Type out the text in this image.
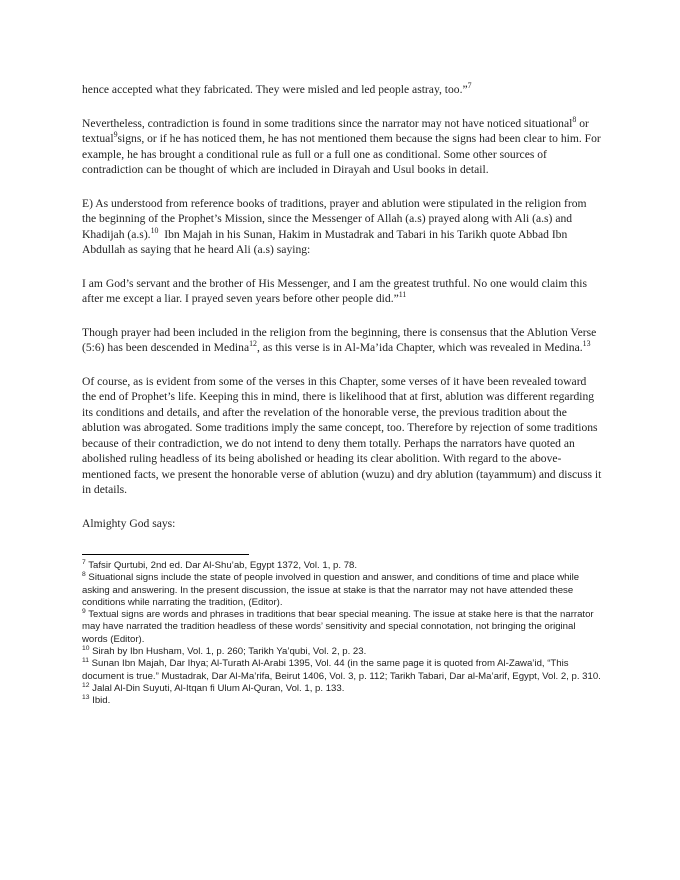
hence accepted what they fabricated. They were misled and led people astray, too.”$^7$

Nevertheless, contradiction is found in some traditions since the narrator may not have noticed situational$^8$ or textual$^9$signs, or if he has noticed them, he has not mentioned them because the signs had been clear to him. For example, he has brought a conditional rule as full or a full one as conditional. Some other sources of contradiction can be thought of which are included in Dirayah and Usul books in detail.

E) As understood from reference books of traditions, prayer and ablution were stipulated in the religion from the beginning of the Prophet’s Mission, since the Messenger of Allah (a.s) prayed along with Ali (a.s) and Khadijah (a.s).$^{10}$  Ibn Majah in his Sunan, Hakim in Mustadrak and Tabari in his Tarikh quote Abbad Ibn Abdullah as saying that he heard Ali (a.s) saying:

I am God’s servant and the brother of His Messenger, and I am the greatest truthful. No one would claim this after me except a liar. I prayed seven years before other people did.”$^{11}$

Though prayer had been included in the religion from the beginning, there is consensus that the Ablution Verse (5:6) has been descended in Medina$^{12}$, as this verse is in Al-Ma’ida Chapter, which was revealed in Medina.$^{13}$

Of course, as is evident from some of the verses in this Chapter, some verses of it have been revealed toward the end of Prophet’s life. Keeping this in mind, there is likelihood that at first, ablution was different regarding its conditions and details, and after the revelation of the honorable verse, the previous tradition about the ablution was abrogated. Some traditions imply the same concept, too. Therefore by rejection of some traditions because of their contradiction, we do not intend to deny them totally. Perhaps the narrators have quoted an abolished ruling headless of its being abolished or heading its clear abolition. With regard to the above-mentioned facts, we present the honorable verse of ablution (wuzu) and dry ablution (tayammum) and discuss it in details.

Almighty God says:

$^7$ Tafsir Qurtubi, 2nd ed. Dar Al-Shu’ab, Egypt 1372, Vol. 1, p. 78.

$^8$ Situational signs include the state of people involved in question and answer, and conditions of time and place while asking and answering. In the present discussion, the issue at stake is that the narrator may not have attended these conditions while narrating the tradition, (Editor).

$^9$ Textual signs are words and phrases in traditions that bear special meaning. The issue at stake here is that the narrator may have narrated the tradition headless of these words’ sensitivity and special connotation, not bringing the original words (Editor).

$^{10}$ Sirah by Ibn Husham, Vol. 1, p. 260; Tarikh Ya’qubi, Vol. 2, p. 23.

$^{11}$ Sunan Ibn Majah, Dar Ihya; Al-Turath Al-Arabi 1395, Vol. 44 (in the same page it is quoted from Al-Zawa’id, “This document is true.” Mustadrak, Dar Al-Ma’rifa, Beirut 1406, Vol. 3, p. 112; Tarikh Tabari, Dar al-Ma’arif, Egypt, Vol. 2, p. 310.

$^{12}$ Jalal Al-Din Suyuti, Al-Itqan fi Ulum Al-Quran, Vol. 1, p. 133.

$^{13}$ Ibid.
